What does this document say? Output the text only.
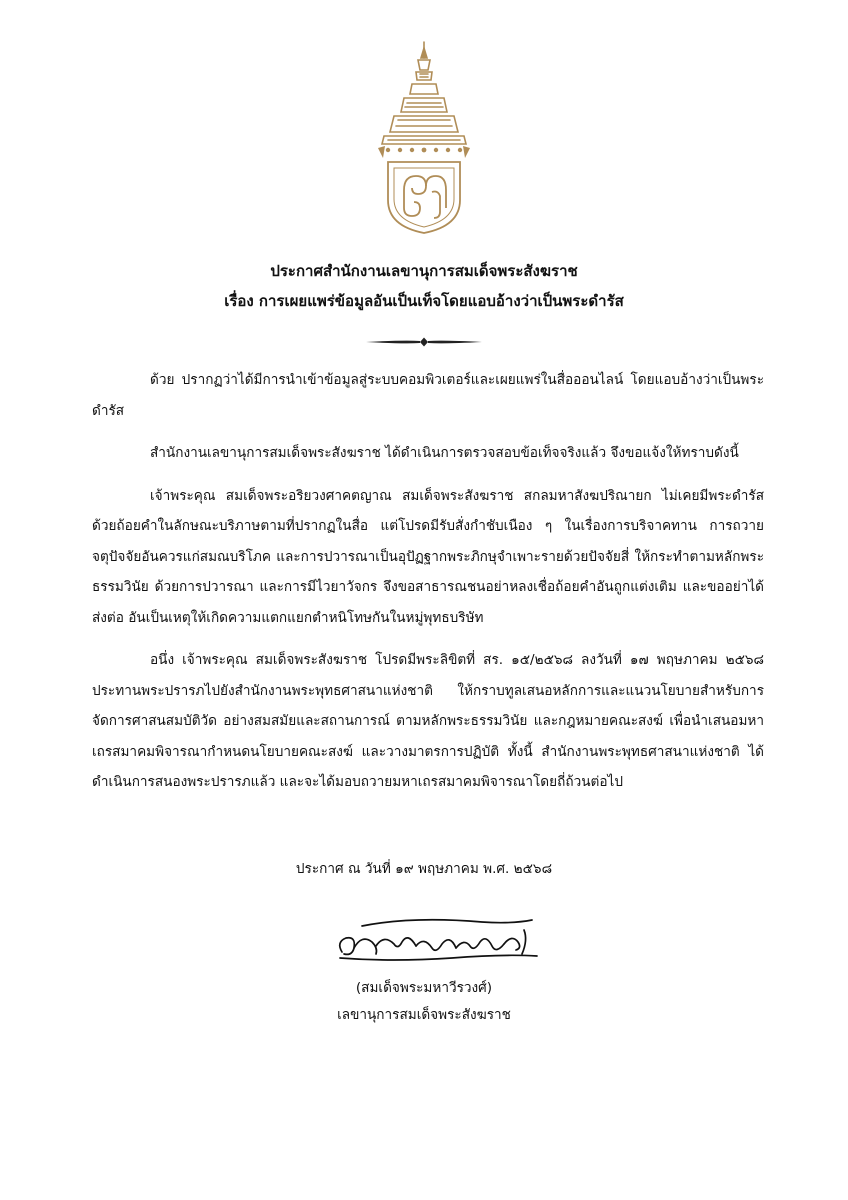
ประกาศสำนักงานเลขานุการสมเด็จพระสังฆราช
เรื่อง การเผยแพร่ข้อมูลอันเป็นเท็จโดยแอบอ้างว่าเป็นพระดำรัส

ด้วย ปรากฏว่าได้มีการนำเข้าข้อมูลสู่ระบบคอมพิวเตอร์และเผยแพร่ในสื่อออนไลน์ โดยแอบอ้างว่าเป็นพระดำรัส

สำนักงานเลขานุการสมเด็จพระสังฆราช ได้ดำเนินการตรวจสอบข้อเท็จจริงแล้ว จึงขอแจ้งให้ทราบดังนี้

เจ้าพระคุณ สมเด็จพระอริยวงศาคตญาณ สมเด็จพระสังฆราช สกลมหาสังฆปริณายก ไม่เคยมีพระดำรัสด้วยถ้อยคำในลักษณะบริภาษตามที่ปรากฏในสื่อ แต่โปรดมีรับสั่งกำชับเนือง ๆ ในเรื่องการบริจาคทาน การถวายจตุปัจจัยอันควรแก่สมณบริโภค และการปวารณาเป็นอุปัฏฐากพระภิกษุจำเพาะรายด้วยปัจจัยสี่ ให้กระทำตามหลักพระธรรมวินัย ด้วยการปวารณา และการมีไวยาวัจกร จึงขอสาธารณชนอย่าหลงเชื่อถ้อยคำอันถูกแต่งเติม และขออย่าได้ส่งต่อ อันเป็นเหตุให้เกิดความแตกแยกตำหนิโทษกันในหมู่พุทธบริษัท

อนึ่ง เจ้าพระคุณ สมเด็จพระสังฆราช โปรดมีพระลิขิตที่ สร. ๑๕/๒๕๖๘ ลงวันที่ ๑๗ พฤษภาคม ๒๕๖๘ ประทานพระปรารภไปยังสำนักงานพระพุทธศาสนาแห่งชาติ ให้กราบทูลเสนอหลักการและแนวนโยบายสำหรับการจัดการศาสนสมบัติวัด อย่างสมสมัยและสถานการณ์ ตามหลักพระธรรมวินัย และกฎหมายคณะสงฆ์ เพื่อนำเสนอมหาเถรสมาคมพิจารณากำหนดนโยบายคณะสงฆ์ และวางมาตรการปฏิบัติ ทั้งนี้ สำนักงานพระพุทธศาสนาแห่งชาติ ได้ดำเนินการสนองพระปรารภแล้ว และจะได้มอบถวายมหาเถรสมาคมพิจารณาโดยถี่ถ้วนต่อไป

ประกาศ ณ วันที่ ๑๙ พฤษภาคม พ.ศ. ๒๕๖๘
(สมเด็จพระมหาวีรวงศ์)
เลขานุการสมเด็จพระสังฆราช
